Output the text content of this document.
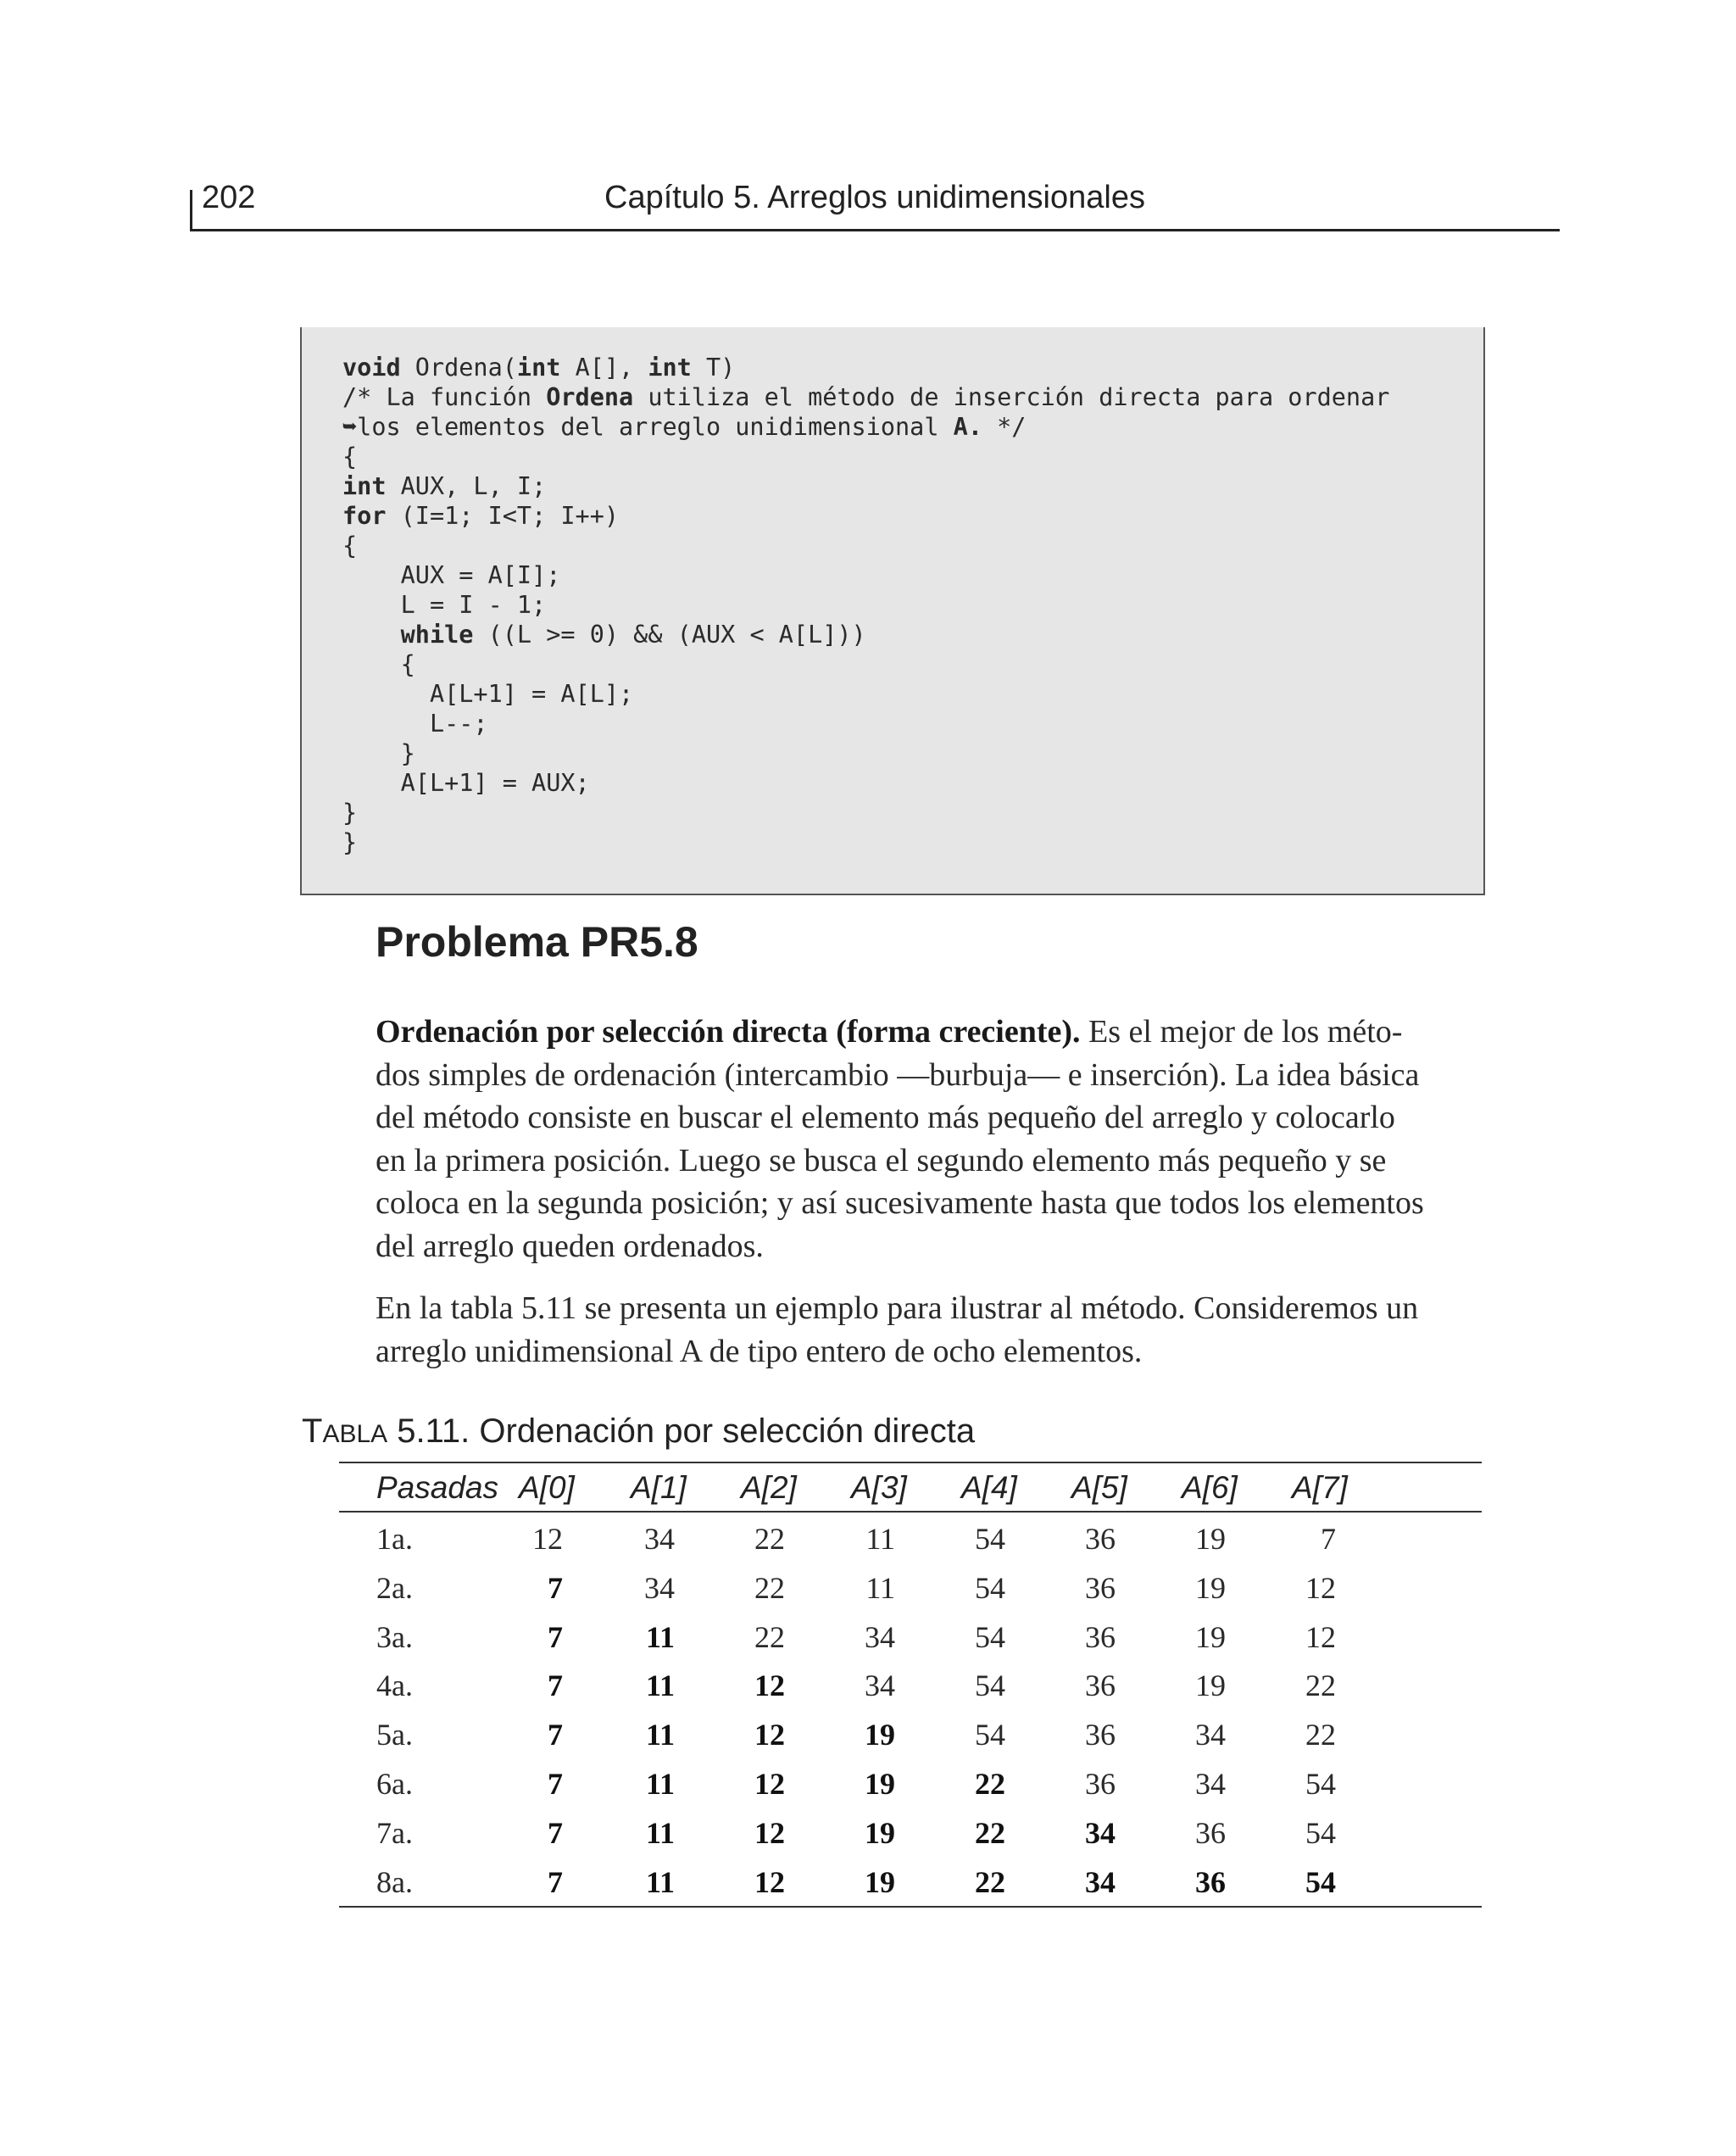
202	Capítulo 5. Arreglos unidimensionales
void Ordena(int A[], int T)
/* La función Ordena utiliza el método de inserción directa para ordenar
➥los elementos del arreglo unidimensional A. */
{
int AUX, L, I;
for (I=1; I<T; I++)
{
AUX = A[I];
L = I - 1;
while ((L >= 0) && (AUX < A[L]))
{
A[L+1] = A[L];
L--;
}
A[L+1] = AUX;
}
}
Problema PR5.8

Ordenación por selección directa (forma creciente). Es el mejor de los méto-
dos simples de ordenación (intercambio —burbuja— e inserción). La idea básica
del método consiste en buscar el elemento más pequeño del arreglo y colocarlo
en la primera posición. Luego se busca el segundo elemento más pequeño y se
coloca en la segunda posición; y así sucesivamente hasta que todos los elementos
del arreglo queden ordenados.

En la tabla 5.11 se presenta un ejemplo para ilustrar al método. Consideremos un
arreglo unidimensional A de tipo entero de ocho elementos.

TABLA 5.11. Ordenación por selección directa

Pasadas A[0] A[1] A[2] A[3] A[4] A[5] A[6] A[7]
1a.	12	34	22	11	54	36	19	7
2a.	7	34	22	11	54	36	19	12
3a.	7	11	22	34	54	36	19	12
4a.	7	11	12	34	54	36	19	22
5a.	7	11	12	19	54	36	34	22
6a.	7	11	12	19	22	36	34	54
7a.	7	11	12	19	22	34	36	54
8a.	7	11	12	19	22	34	36	54
